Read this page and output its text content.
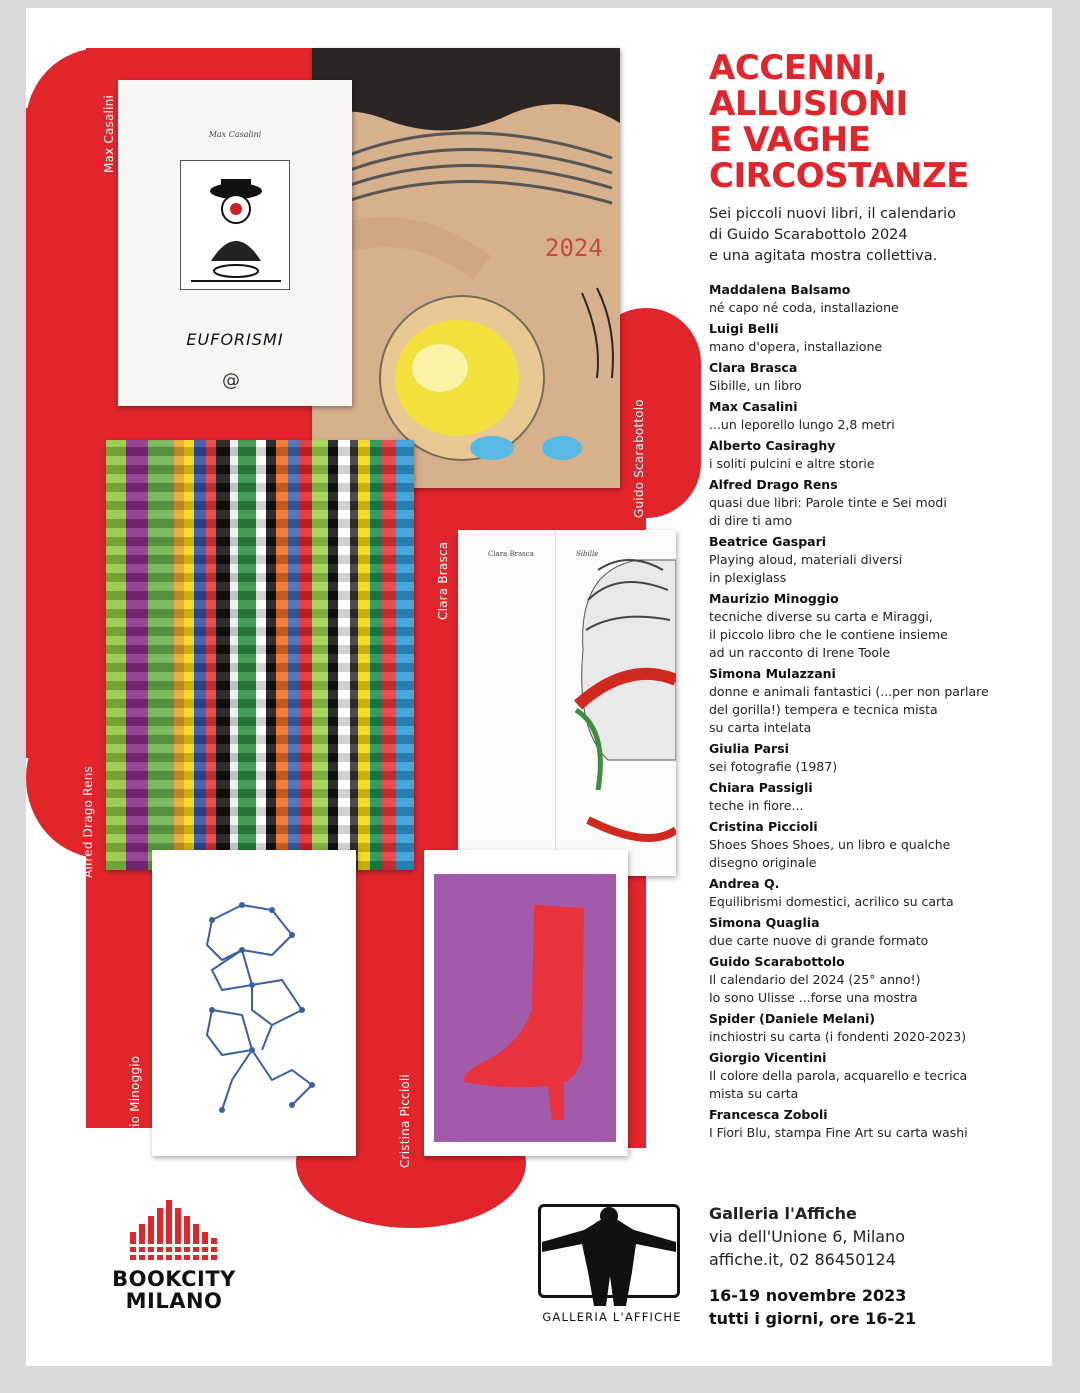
Max Casalini
Guido Scarabottolo
Clara Brasca
Alfred Drago Rens
Maurizio Minoggio	Cristina Piccioli
2024
Max Casalini
EUFORISMI
@
Clara Brasca	Sibille
ACCENNI,
ALLUSIONI
E VAGHE
CIRCOSTANZE
Sei piccoli nuovi libri, il calendario
di Guido Scarabottolo 2024
e una agitata mostra collettiva.
Maddalena Balsamo
né capo né coda, installazione
Luigi Belli
mano d'opera, installazione
Clara Brasca
Sibille, un libro
Max Casalini
...un leporello lungo 2,8 metri
Alberto Casiraghy
i soliti pulcini e altre storie
Alfred Drago Rens
quasi due libri: Parole tinte e Sei modi
di dire ti amo
Beatrice Gaspari
Playing aloud, materiali diversi
in plexiglass
Maurizio Minoggio
tecniche diverse su carta e Miraggi,
il piccolo libro che le contiene insieme
ad un racconto di Irene Toole
Simona Mulazzani
donne e animali fantastici (...per non parlare
del gorilla!) tempera e tecnica mista
su carta intelata
Giulia Parsi
sei fotografie (1987)
Chiara Passigli
teche in fiore...
Cristina Piccioli
Shoes Shoes Shoes, un libro e qualche
disegno originale
Andrea Q.
Equilibrismi domestici, acrilico su carta
Simona Quaglia
due carte nuove di grande formato
Guido Scarabottolo
Il calendario del 2024 (25° anno!)
Io sono Ulisse ...forse una mostra
Spider (Daniele Melani)
inchiostri su carta (i fondenti 2020-2023)
Giorgio Vicentini
Il colore della parola, acquarello e tecrica
mista su carta
Francesca Zoboli
I Fiori Blu, stampa Fine Art su carta washi
GALLERIA L'AFFICHE
Galleria l'Affiche
via dell'Unione 6, Milano
affiche.it, 02 86450124
16-19 novembre 2023
tutti i giorni, ore 16-21
BOOKCITY
MILANO
